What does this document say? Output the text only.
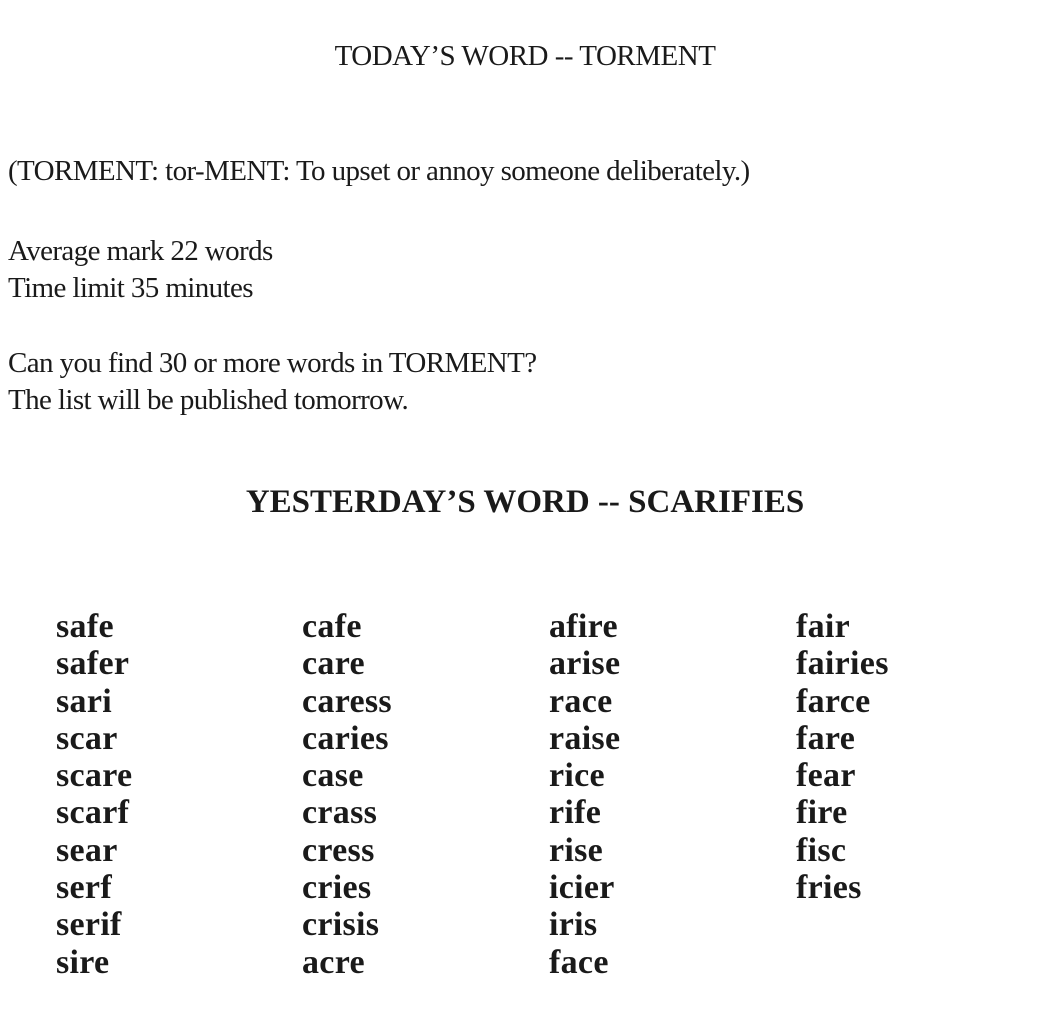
TODAY’S WORD -- TORMENT
(TORMENT: tor-MENT: To upset or annoy someone deliberately.)
Average mark 22 words
Time limit 35 minutes
Can you find 30 or more words in TORMENT?
The list will be published tomorrow.
YESTERDAY’S WORD -- SCARIFIES
safe
safer
sari
scar
scare
scarf
sear
serf
serif
sire
cafe
care
caress
caries
case
crass
cress
cries
crisis
acre
afire
arise
race
raise
rice
rife
rise
icier
iris
face
fair
fairies
farce
fare
fear
fire
fisc
fries
